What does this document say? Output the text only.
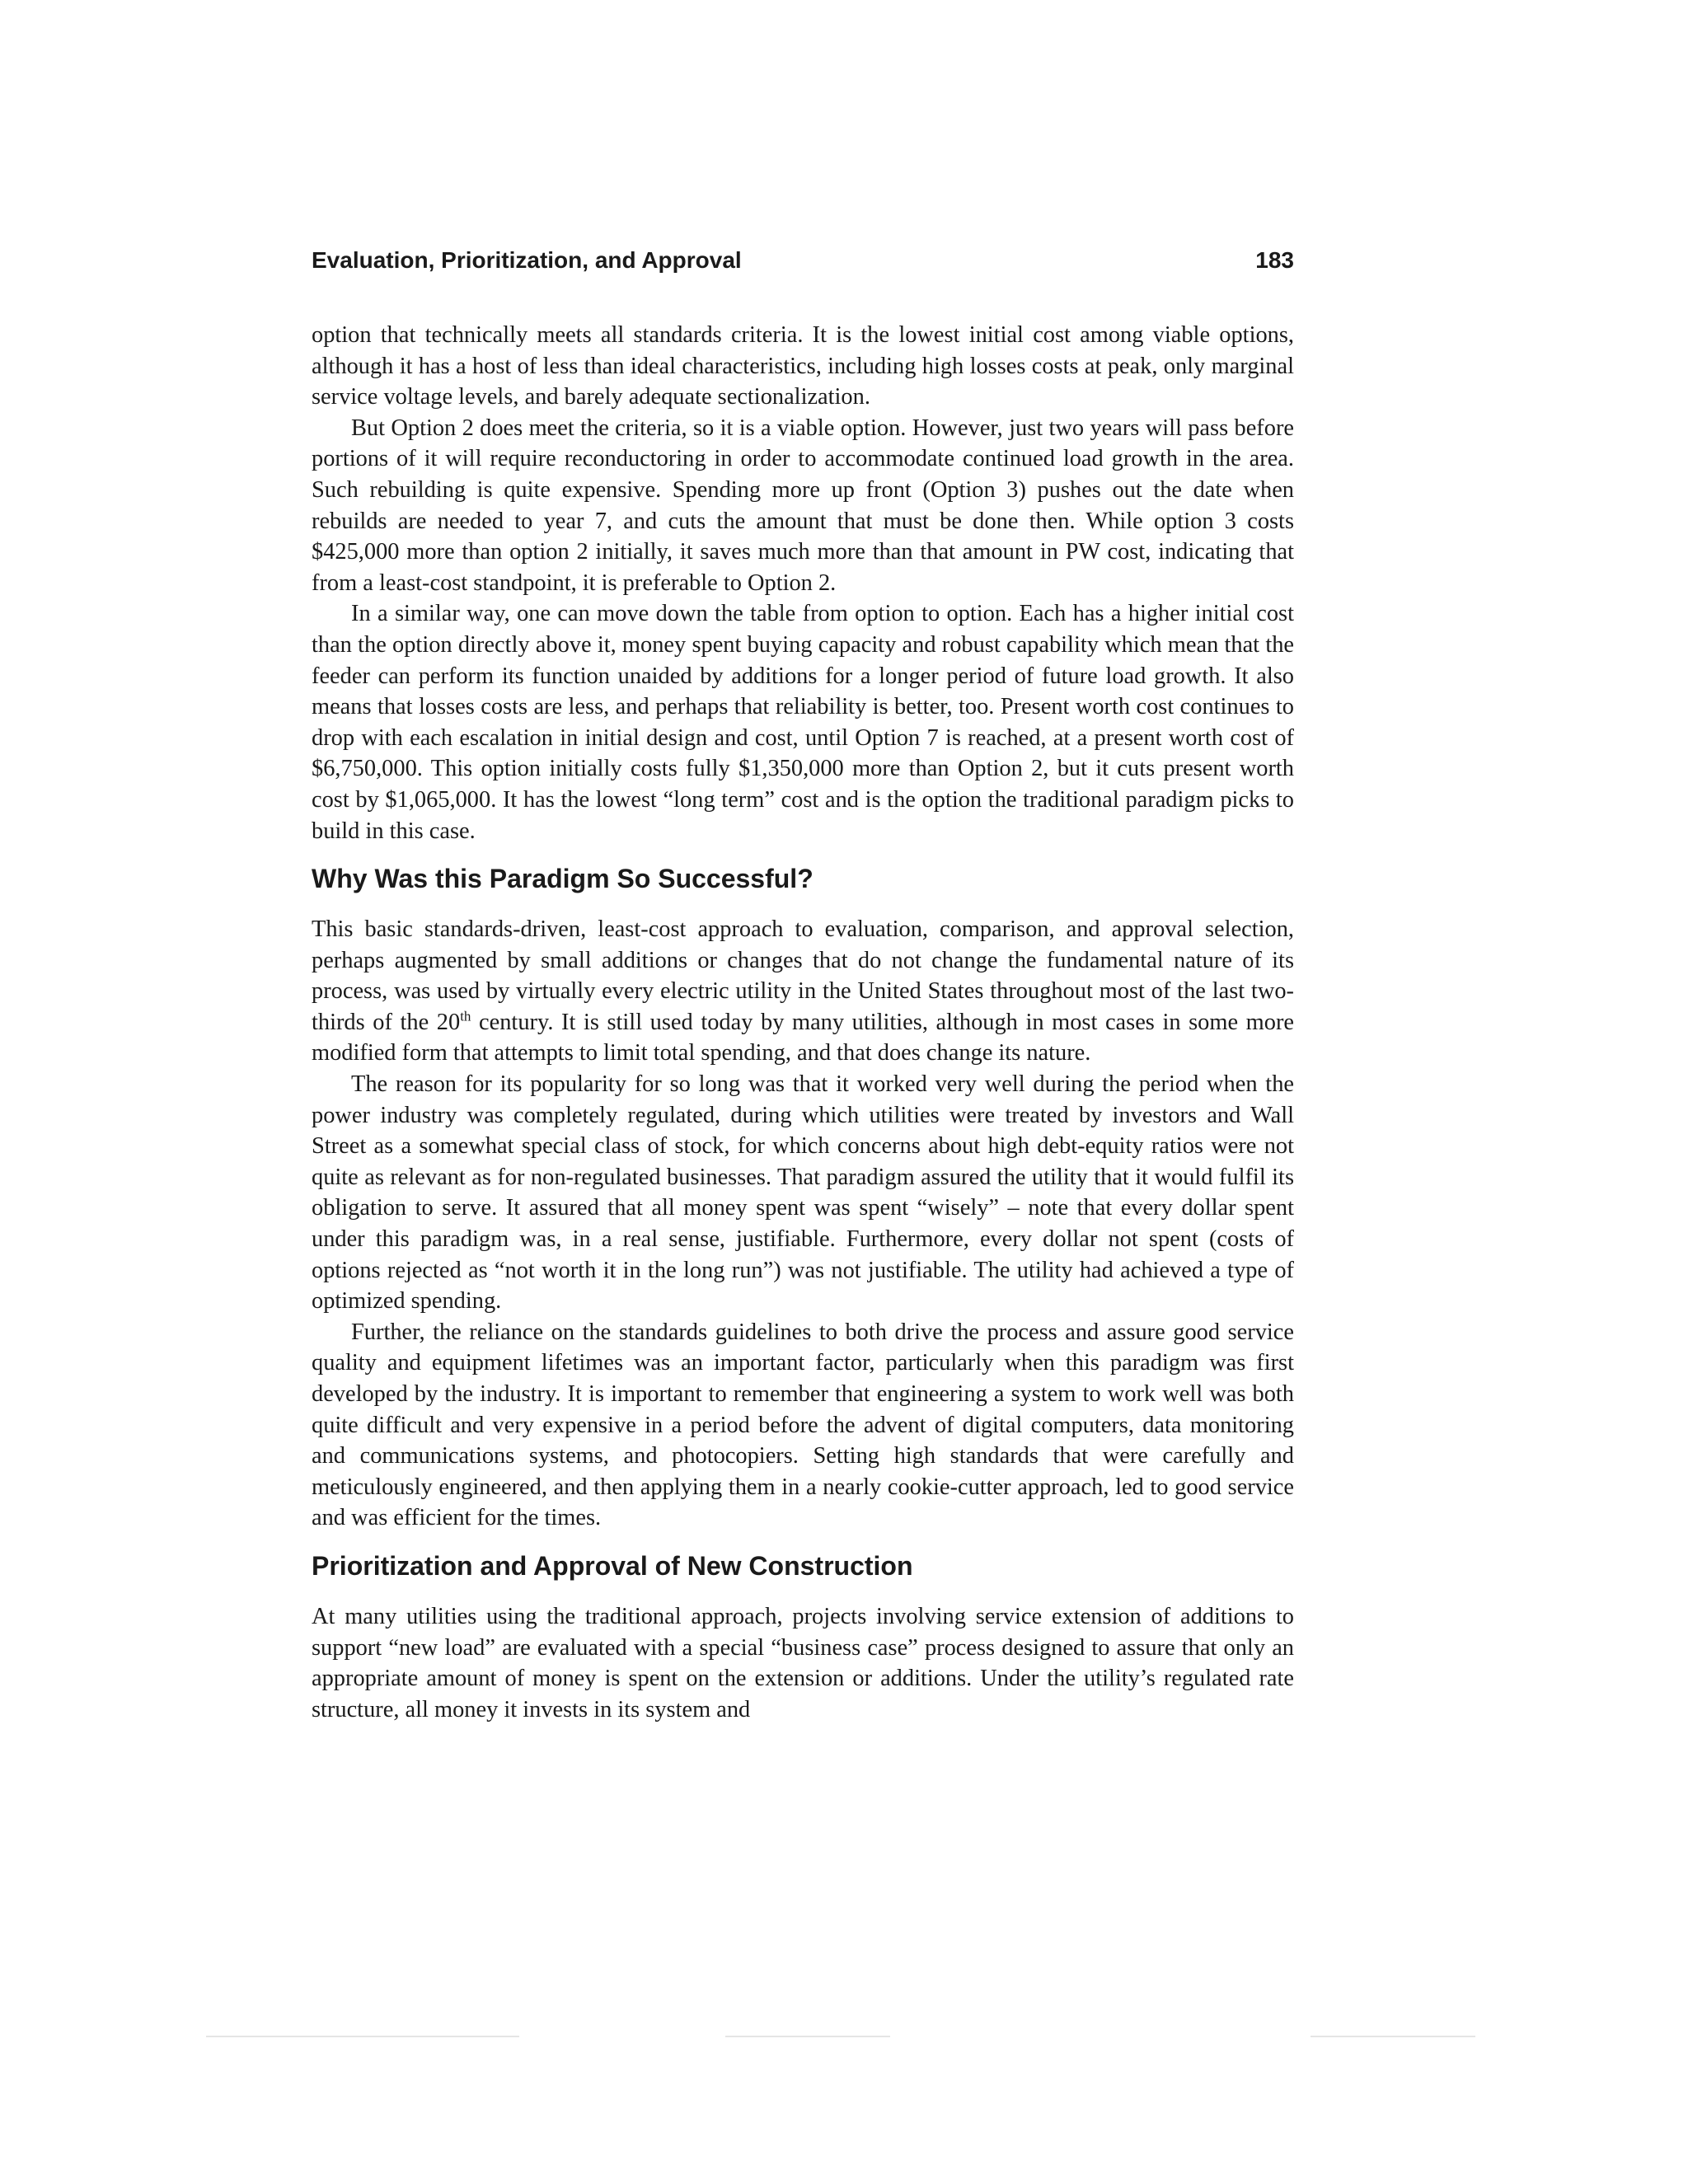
Evaluation, Prioritization, and Approval	183

option that technically meets all standards criteria. It is the lowest initial cost among viable options, although it has a host of less than ideal characteristics, including high losses costs at peak, only marginal service voltage levels, and barely adequate sectionalization.

But Option 2 does meet the criteria, so it is a viable option. However, just two years will pass before portions of it will require reconductoring in order to accommodate continued load growth in the area. Such rebuilding is quite expensive. Spending more up front (Option 3) pushes out the date when rebuilds are needed to year 7, and cuts the amount that must be done then. While option 3 costs $425,000 more than option 2 initially, it saves much more than that amount in PW cost, indicating that from a least-cost standpoint, it is preferable to Option 2.

In a similar way, one can move down the table from option to option. Each has a higher initial cost than the option directly above it, money spent buying capacity and robust capability which mean that the feeder can perform its function unaided by additions for a longer period of future load growth. It also means that losses costs are less, and perhaps that reliability is better, too. Present worth cost continues to drop with each escalation in initial design and cost, until Option 7 is reached, at a present worth cost of $6,750,000. This option initially costs fully $1,350,000 more than Option 2, but it cuts present worth cost by $1,065,000. It has the lowest “long term” cost and is the option the traditional paradigm picks to build in this case.

Why Was this Paradigm So Successful?

This basic standards-driven, least-cost approach to evaluation, comparison, and approval selection, perhaps augmented by small additions or changes that do not change the fundamental nature of its process, was used by virtually every electric utility in the United States throughout most of the last two-thirds of the 20th century. It is still used today by many utilities, although in most cases in some more modified form that attempts to limit total spending, and that does change its nature.

The reason for its popularity for so long was that it worked very well during the period when the power industry was completely regulated, during which utilities were treated by investors and Wall Street as a somewhat special class of stock, for which concerns about high debt-equity ratios were not quite as relevant as for non-regulated businesses. That paradigm assured the utility that it would fulfil its obligation to serve. It assured that all money spent was spent “wisely” – note that every dollar spent under this paradigm was, in a real sense, justifiable. Furthermore, every dollar not spent (costs of options rejected as “not worth it in the long run”) was not justifiable. The utility had achieved a type of optimized spending.

Further, the reliance on the standards guidelines to both drive the process and assure good service quality and equipment lifetimes was an important factor, particularly when this paradigm was first developed by the industry. It is important to remember that engineering a system to work well was both quite difficult and very expensive in a period before the advent of digital computers, data monitoring and communications systems, and photocopiers. Setting high standards that were carefully and meticulously engineered, and then applying them in a nearly cookie-cutter approach, led to good service and was efficient for the times.

Prioritization and Approval of New Construction

At many utilities using the traditional approach, projects involving service extension of additions to support “new load” are evaluated with a special “business case” process designed to assure that only an appropriate amount of money is spent on the extension or additions. Under the utility’s regulated rate structure, all money it invests in its system and
